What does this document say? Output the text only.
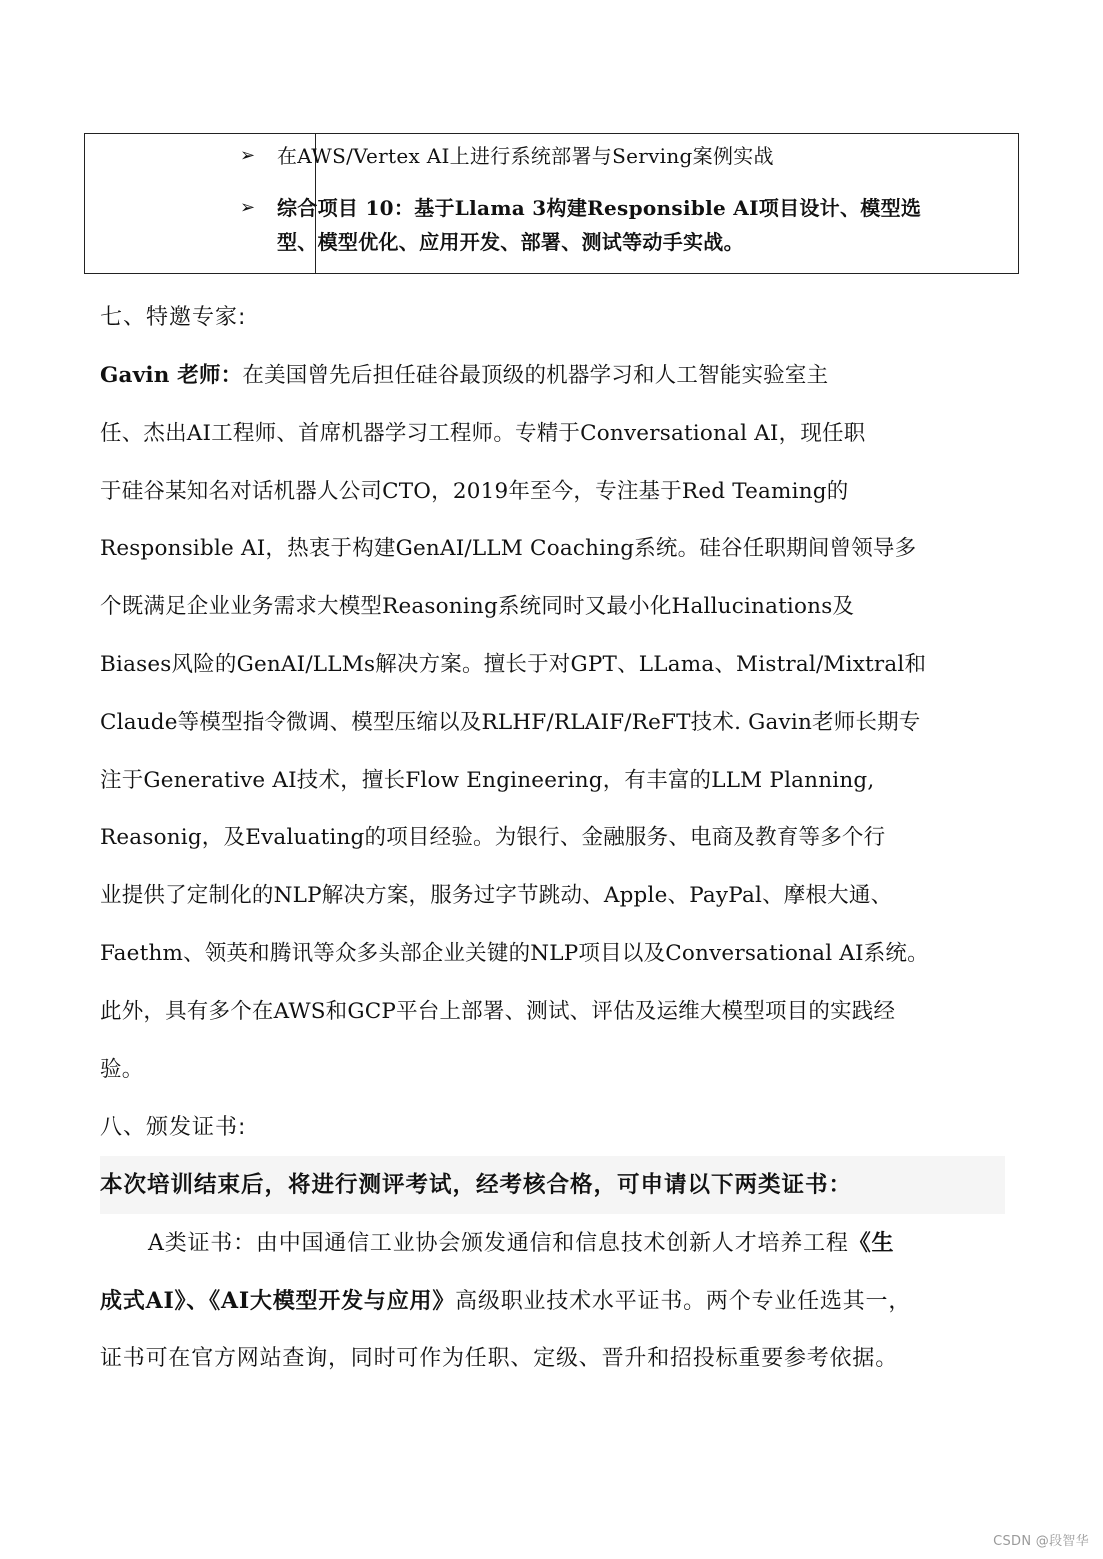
➢	在AWS/Vertex AI上进行系统部署与Serving案例实战
➢	综合项目 10：基于Llama 3构建Responsible AI项目设计、模型选
型、模型优化、应用开发、部署、测试等动手实战。
七、特邀专家:
Gavin 老师：在美国曾先后担任硅谷最顶级的机器学习和人工智能实验室主
任、杰出AI工程师、首席机器学习工程师。专精于Conversational AI，现任职
于硅谷某知名对话机器人公司CTO，2019年至今，专注基于Red Teaming的
Responsible AI，热衷于构建GenAI/LLM Coaching系统。硅谷任职期间曾领导多
个既满足企业业务需求大模型Reasoning系统同时又最小化Hallucinations及
Biases风险的GenAI/LLMs解决方案。擅长于对GPT、LLama、Mistral/Mixtral和
Claude等模型指令微调、模型压缩以及RLHF/RLAIF/ReFT技术. Gavin老师长期专
注于Generative AI技术，擅长Flow Engineering，有丰富的LLM Planning,
Reasonig，及Evaluating的项目经验。为银行、金融服务、电商及教育等多个行
业提供了定制化的NLP解决方案，服务过字节跳动、Apple、PayPal、摩根大通、
Faethm、领英和腾讯等众多头部企业关键的NLP项目以及Conversational AI系统。
此外，具有多个在AWS和GCP平台上部署、测试、评估及运维大模型项目的实践经
验。
八、颁发证书:
本次培训结束后，将进行测评考试，经考核合格，可申请以下两类证书：
A类证书：由中国通信工业协会颁发通信和信息技术创新人才培养工程《生
成式AI》、《AI大模型开发与应用》高级职业技术水平证书。两个专业任选其一，
证书可在官方网站查询，同时可作为任职、定级、晋升和招投标重要参考依据。
CSDN @段智华
